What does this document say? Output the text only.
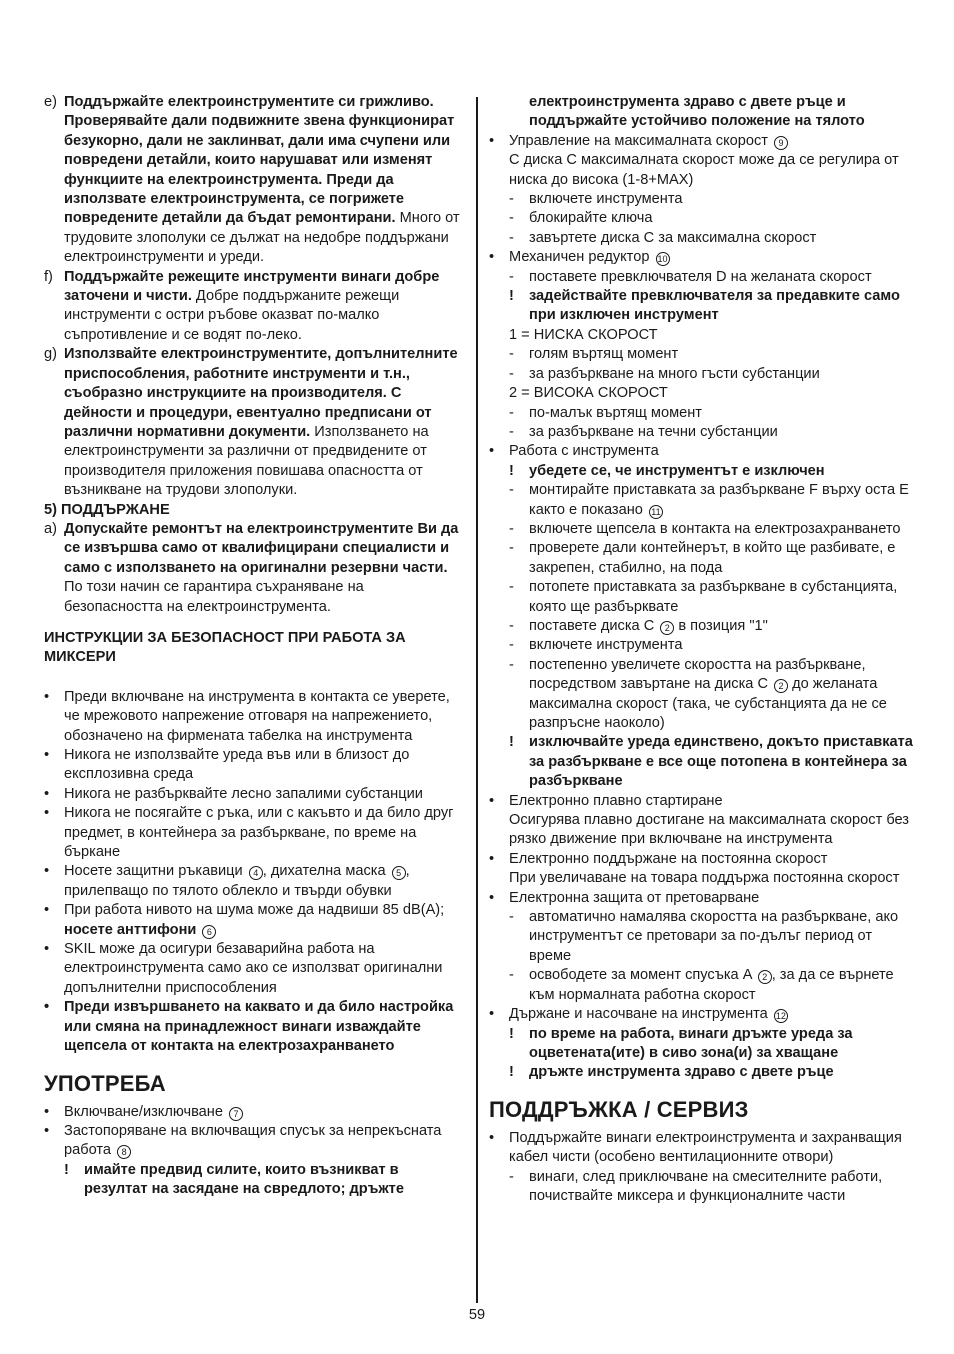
e) Поддържайте електроинструментите си грижливо. Проверявайте дали подвижните звена функционират безукорно, дали не заклинват, дали има счупени или повредени детайли, които нарушават или изменят функциите на електроинструмента. Преди да използвате електроинструмента, се погрижете повредените детайли да бъдат ремонтирани. Много от трудовите злополуки се дължат на недобре поддържани електроинструменти и уреди.
f) Поддържайте режещите инструменти винаги добре заточени и чисти. Добре поддържаните режещи инструменти с остри ръбове оказват по-малко съпротивление и се водят по-леко.
g) Използвайте електроинструментите, допълнителните приспособления, работните инструменти и т.н., съобразно инструкциите на производителя. С дейности и процедури, евентуално предписани от различни нормативни документи. Използването на електроинструменти за различни от предвидените от производителя приложения повишава опасността от възникване на трудови злополуки.
5) ПОДДЪРЖАНЕ
a) Допускайте ремонтът на електроинструментите Ви да се извършва само от квалифицирани специалисти и само с използването на оригинални резервни части. По този начин се гарантира съхраняване на безопасността на електроинструмента.
ИНСТРУКЦИИ ЗА БЕЗОПАСНОСТ ПРИ РАБОТА ЗА МИКСЕРИ
• Преди включване на инструмента в контакта се уверете, че мрежовото напрежение отговаря на напрежението, обозначено на фирмената табелка на инструмента
• Никога не използвайте уреда във или в близост до експлозивна среда
• Никога не разбърквайте лесно запалими субстанции
• Никога не посягайте с ръка, или с какъвто и да било друг предмет, в контейнера за разбъркване, по време на бъркане
• Носете защитни ръкавици 4 , дихателна маска 5 , прилепващо по тялото облекло и твърди обувки
• При работа нивото на шума може да надвиши 85 dB(A); носете анттифони 6
• SKIL може да осигури безаварийна работа на електроинструмента само ако се използват оригинални допълнителни приспособления
• Преди извършването на каквато и да било настройка или смяна на принадлежност винаги изваждайте щепсела от контакта на електрозахранването
УПОТРЕБА
• Включване/изключване 7
• Застопоряване на включващия спусък за непрекъсната работа 8
! имайте предвид силите, които възникват в резултат на засядане на свредлото; дръжте
електроинструмента здраво с двете ръце и поддържайте устойчиво положение на тялото
• Управление на максималната скорост 9
С диска C максималната скорост може да се регулира от ниска до висока (1-8+MAX)
- включете инструмента
- блокирайте ключа
- завъртете диска C за максимална скорост
• Механичен редуктор 10
- поставете превключвателя D на желаната скорост
! задействайте превключвателя за предавките само при изключен инструмент
1 = НИСКА СКОРОСТ
- голям въртящ момент
- за разбъркване на много гъсти субстанции
2 = ВИСОКА СКОРОСТ
- по-малък въртящ момент
- за разбъркване на течни субстанции
• Работа с инструмента
! убедете се, че инструментът е изключен
- монтирайте приставката за разбъркване F върху оста E както е показано 11
- включете щепсела в контакта на електрозахранването
- проверете дали контейнерът, в който ще разбивате, е закрепен, стабилно, на пода
- потопете приставката за разбъркване в субстанцията, която ще разбърквате
- поставете диска C 2 в позиция "1"
- включете инструмента
- постепенно увеличете скоростта на разбъркване, посредством завъртане на диска C 2 до желаната максимална скорост (така, че субстанцията да не се разпръсне наоколо)
! изключвайте уреда единствено, докъто приставката за разбъркване е все още потопена в контейнера за разбъркване
• Електронно плавно стартиране
Осигурява плавно достигане на максималната скорост без рязко движение при включване на инструмента
• Електронно поддържане на постоянна скорост
При увеличаване на товара поддържа постоянна скорост
• Електронна защита от претоварване
- автоматично намалява скоростта на разбъркване, ако инструментът се претовари за по-дълъг период от време
- освободете за момент спусъка A 2 , за да се върнете към нормалната работна скорост
• Държане и насочване на инструмента 12
! по време на работа, винаги дръжте уреда за оцветената(ите) в сиво зона(и) за хващане
! дръжте инструмента здраво с двете ръце
ПОДДРЪЖКА / СЕРВИЗ
• Поддържайте винаги електроинструмента и захранващия кабел чисти (особено вентилационните отвори)
- винаги, след приключване на смесителните работи, почиствайте миксера и функционалните части
59
